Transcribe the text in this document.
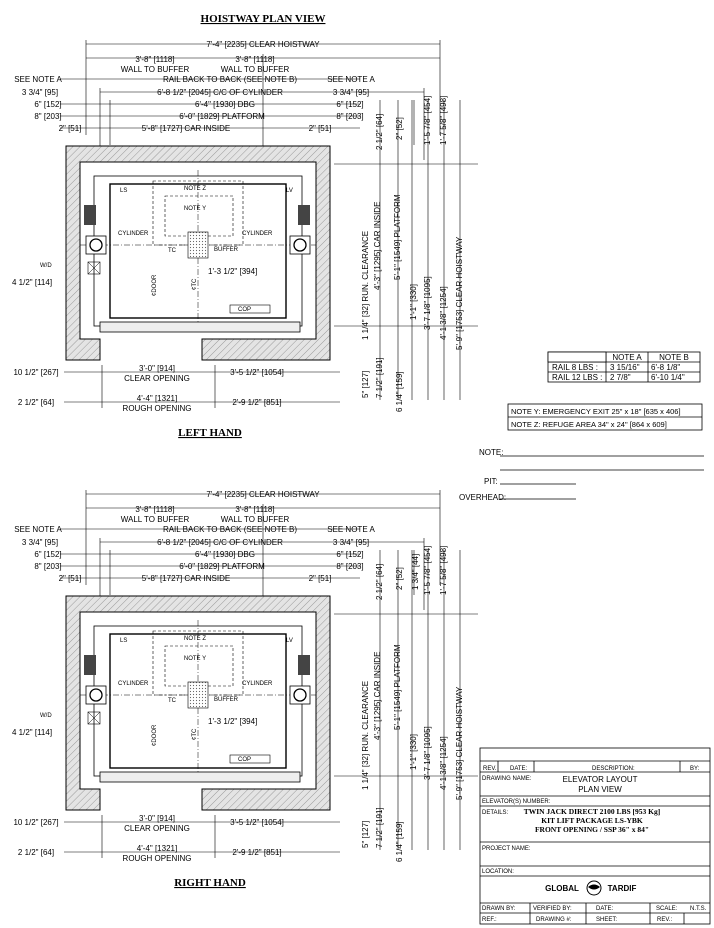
HOISTWAY PLAN VIEW
7'-4" [2235] CLEAR HOISTWAY
3'-8" [1118]
WALL TO BUFFER
3'-8" [1118]
WALL TO BUFFER
SEE NOTE A	SEE NOTE A
RAIL BACK TO BACK (SEE NOTE B)
3 3/4" [95]	3 3/4" [95]
6'-8 1/2" [2045] C/C OF CYLINDER
6" [152]	6" [152]
6'-4" [1930] DBG
8" [203]	8" [203]
6'-0" [1829] PLATFORM
2" [51]	2" [51]
5'-8" [1727] CAR INSIDE
NOTE Z
NOTE Y
LS	LV
CYLINDER	CYLINDER
BUFFER
TC
COP
W/D
1'-3 1/2" [394]
4 1/2" [114]	¢DOOR	¢TC
10 1/2" [267]	3'-0" [914]
CLEAR OPENING
3'-5 1/2" [1054]
2 1/2" [64]	4'-4" [1321]
ROUGH OPENING
2'-9 1/2" [851]
1 1/4" [32] RUN. CLEARANCE 4'-3" [1295] CAR INSIDE 5'-1" [1549] PLATFORM
2 1/2" [64] 2" [52]
1'-1" [330] 3'-7 1/8" [1095] 4'-1 3/8" [1254] 5'-9" [1753] CLEAR HOISTWAY
1'-5 7/8" [454] 1'-7 5/8" [498]
5" [127] 7 1/2" [191] 6 1/4" [159]
LEFT HAND
7'-4" [2235] CLEAR HOISTWAY
3'-8" [1118]
WALL TO BUFFER
3'-8" [1118]
WALL TO BUFFER
SEE NOTE A	SEE NOTE A
RAIL BACK TO BACK (SEE NOTE B)
3 3/4" [95]	3 3/4" [95]
6'-8 1/2" [2045] C/C OF CYLINDER
6" [152]	6" [152]
6'-4" [1930] DBG
8" [203]	8" [203]
6'-0" [1829] PLATFORM
2" [51]	2" [51]
5'-8" [1727] CAR INSIDE
NOTE Z
NOTE Y
LS	LV
CYLINDER	CYLINDER
BUFFER
TC
COP
W/D
1'-3 1/2" [394]
4 1/2" [114]	¢DOOR	¢TC
10 1/2" [267]	3'-0" [914]
CLEAR OPENING
3'-5 1/2" [1054]
2 1/2" [64]	4'-4" [1321]
ROUGH OPENING
2'-9 1/2" [851]
1 1/4" [32] RUN. CLEARANCE 4'-3" [1295] CAR INSIDE 5'-1" [1549] PLATFORM
2 1/2" [64] 2" [52]
1'-1" [330] 3'-7 1/8" [1095] 4'-1 3/8" [1254] 5'-9" [1753] CLEAR HOISTWAY
1'-5 7/8" [454] 1'-7 5/8" [498]
5" [127] 7 1/2" [191] 6 1/4" [159]
RIGHT HAND
1 3/4" [44]
NOTE A NOTE B
RAIL 8 LBS : 3 15/16" 6'-8 1/8"
RAIL 12 LBS : 2 7/8"	6'-10 1/4"
NOTE Y: EMERGENCY EXIT 25" x 18" [635 x 406]
NOTE Z: REFUGE AREA 34" x 24" [864 x 609]
NOTE:
PIT:
OVERHEAD:
REV. DATE:	DESCRIPTION:	BY:
DRAWING NAME:	ELEVATOR LAYOUT
PLAN VIEW
ELEVATOR(S) NUMBER:
DETAILS: TWIN JACK DIRECT 2100 LBS [953 Kg]
KIT LIFT PACKAGE LS-YBK
FRONT OPENING / SSP 36" x 84"
PROJECT NAME:
LOCATION:
GLOBAL	TARDIF
DRAWN BY:	VERIFIED BY:	DATE:	SCALE: N.T.S.
REF.:	DRAWING #:	SHEET:	REV.:
